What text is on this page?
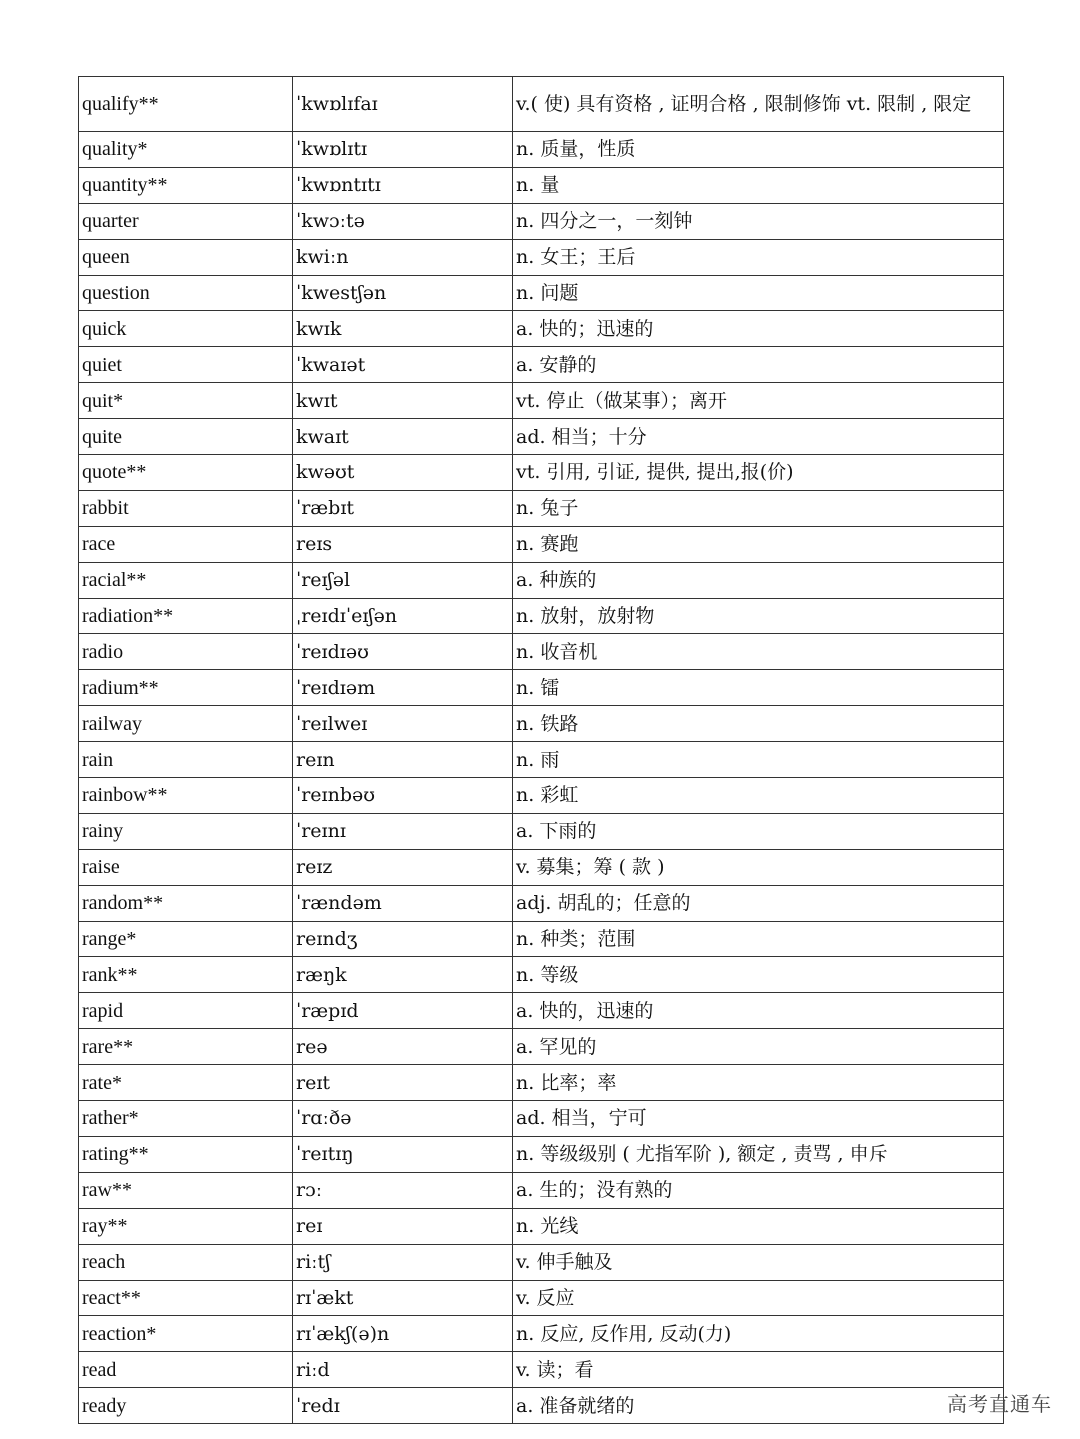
qualify**	ˈkwɒlɪfaɪ	v.( 使) 具有资格 , 证明合格 , 限制修饰 vt. 限制 , 限定
quality*	ˈkwɒlɪtɪ	n. 质量，性质
quantity**	ˈkwɒntɪtɪ	n. 量
quarter	ˈkwɔːtə	n. 四分之一，一刻钟
queen	kwiːn	n. 女王；王后
question	ˈkwestʃən	n. 问题
quick	kwɪk	a. 快的；迅速的
quiet	ˈkwaɪət	a. 安静的
quit*	kwɪt	vt. 停止（做某事）；离开
quite	kwaɪt	ad. 相当；十分
quote**	kwəʊt	vt. 引用, 引证, 提供, 提出,报(价)
rabbit	ˈræbɪt	n. 兔子
race	reɪs	n. 赛跑
racial**	ˈreɪʃəl	a. 种族的
radiation**	ˌreɪdɪˈeɪʃən	n. 放射，放射物
radio	ˈreɪdɪəʊ	n. 收音机
radium**	ˈreɪdɪəm	n. 镭
railway	ˈreɪlweɪ	n. 铁路
rain	reɪn	n. 雨
rainbow**	ˈreɪnbəʊ	n. 彩虹
rainy	ˈreɪnɪ	a. 下雨的
raise	reɪz	v. 募集；筹 ( 款 )
random**	ˈrændəm	adj. 胡乱的；任意的
range*	reɪndʒ	n. 种类；范围
rank**	ræŋk	n. 等级
rapid	ˈræpɪd	a. 快的，迅速的
rare**	reə	a. 罕见的
rate*	reɪt	n. 比率；率
rather*	ˈrɑːðə	ad. 相当，宁可
rating**	ˈreɪtɪŋ	n. 等级级别 ( 尤指军阶 ), 额定 , 责骂 , 申斥
raw**	rɔː	a. 生的；没有熟的
ray**	reɪ	n. 光线
reach	riːtʃ	v. 伸手触及
react**	rɪˈækt	v. 反应
reaction*	rɪˈækʃ(ə)n	n. 反应, 反作用, 反动(力)
read	riːd	v. 读；看
ready	ˈredɪ	a. 准备就绪的	高考直通车
